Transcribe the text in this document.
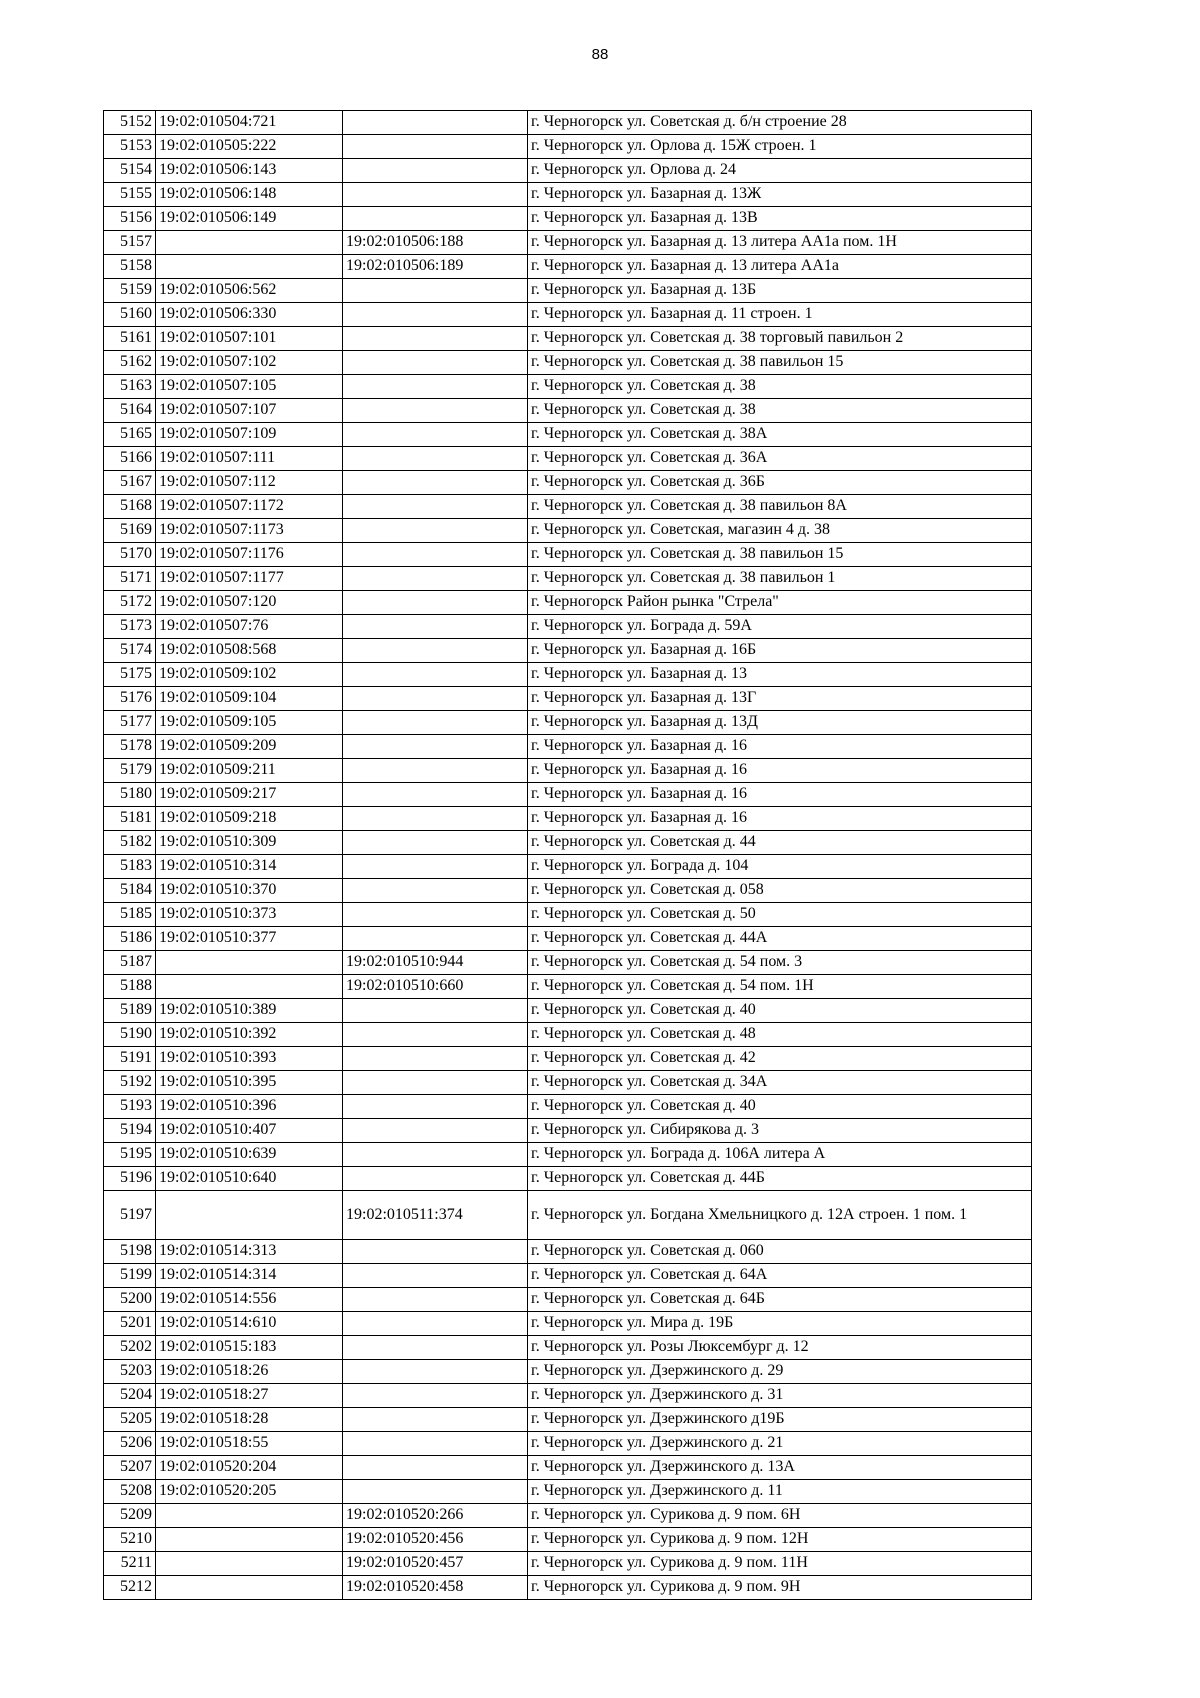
88
5152	19:02:010504:721		г. Черногорск ул. Советская д. б/н строение 28
5153	19:02:010505:222		г. Черногорск ул. Орлова д. 15Ж строен. 1
5154	19:02:010506:143		г. Черногорск ул. Орлова д. 24
5155	19:02:010506:148		г. Черногорск ул. Базарная д. 13Ж
5156	19:02:010506:149		г. Черногорск ул. Базарная д. 13В
5157		19:02:010506:188	г. Черногорск ул. Базарная д. 13 литера АА1а пом. 1Н
5158		19:02:010506:189	г. Черногорск ул. Базарная д. 13 литера АА1а
5159	19:02:010506:562		г. Черногорск ул. Базарная д. 13Б
5160	19:02:010506:330		г. Черногорск ул. Базарная д. 11 строен. 1
5161	19:02:010507:101		г. Черногорск ул. Советская д. 38 торговый павильон 2
5162	19:02:010507:102		г. Черногорск ул. Советская д. 38 павильон 15
5163	19:02:010507:105		г. Черногорск ул. Советская д. 38
5164	19:02:010507:107		г. Черногорск ул. Советская д. 38
5165	19:02:010507:109		г. Черногорск ул. Советская д. 38А
5166	19:02:010507:111		г. Черногорск ул. Советская д. 36А
5167	19:02:010507:112		г. Черногорск ул. Советская д. 36Б
5168	19:02:010507:1172		г. Черногорск ул. Советская д. 38 павильон 8А
5169	19:02:010507:1173		г. Черногорск ул. Советская, магазин 4 д. 38
5170	19:02:010507:1176		г. Черногорск ул. Советская д. 38 павильон 15
5171	19:02:010507:1177		г. Черногорск ул. Советская д. 38 павильон 1
5172	19:02:010507:120		г. Черногорск Район рынка "Стрела"
5173	19:02:010507:76		г. Черногорск ул. Бограда д. 59А
5174	19:02:010508:568		г. Черногорск ул. Базарная д. 16Б
5175	19:02:010509:102		г. Черногорск ул. Базарная д. 13
5176	19:02:010509:104		г. Черногорск ул. Базарная д. 13Г
5177	19:02:010509:105		г. Черногорск ул. Базарная д. 13Д
5178	19:02:010509:209		г. Черногорск ул. Базарная д. 16
5179	19:02:010509:211		г. Черногорск ул. Базарная д. 16
5180	19:02:010509:217		г. Черногорск ул. Базарная д. 16
5181	19:02:010509:218		г. Черногорск ул. Базарная д. 16
5182	19:02:010510:309		г. Черногорск ул. Советская д. 44
5183	19:02:010510:314		г. Черногорск ул. Бограда д. 104
5184	19:02:010510:370		г. Черногорск ул. Советская д. 058
5185	19:02:010510:373		г. Черногорск ул. Советская д. 50
5186	19:02:010510:377		г. Черногорск ул. Советская д. 44А
5187		19:02:010510:944	г. Черногорск ул. Советская д. 54 пом. 3
5188		19:02:010510:660	г. Черногорск ул. Советская д. 54 пом. 1Н
5189	19:02:010510:389		г. Черногорск ул. Советская д. 40
5190	19:02:010510:392		г. Черногорск ул. Советская д. 48
5191	19:02:010510:393		г. Черногорск ул. Советская д. 42
5192	19:02:010510:395		г. Черногорск ул. Советская д. 34А
5193	19:02:010510:396		г. Черногорск ул. Советская д. 40
5194	19:02:010510:407		г. Черногорск ул. Сибирякова д. 3
5195	19:02:010510:639		г. Черногорск ул. Бограда д. 106А литера А
5196	19:02:010510:640		г. Черногорск ул. Советская д. 44Б
5197		19:02:010511:374	г. Черногорск ул. Богдана Хмельницкого д. 12А строен. 1 пом. 1
5198	19:02:010514:313		г. Черногорск ул. Советская д. 060
5199	19:02:010514:314		г. Черногорск ул. Советская д. 64А
5200	19:02:010514:556		г. Черногорск ул. Советская д. 64Б
5201	19:02:010514:610		г. Черногорск ул. Мира д. 19Б
5202	19:02:010515:183		г. Черногорск ул. Розы Люксембург д. 12
5203	19:02:010518:26		г. Черногорск ул. Дзержинского д. 29
5204	19:02:010518:27		г. Черногорск ул. Дзержинского д. 31
5205	19:02:010518:28		г. Черногорск ул. Дзержинского д19Б
5206	19:02:010518:55		г. Черногорск ул. Дзержинского д. 21
5207	19:02:010520:204		г. Черногорск ул. Дзержинского д. 13А
5208	19:02:010520:205		г. Черногорск ул. Дзержинского д. 11
5209		19:02:010520:266	г. Черногорск ул. Сурикова д. 9 пом. 6Н
5210		19:02:010520:456	г. Черногорск ул. Сурикова д. 9 пом. 12Н
5211		19:02:010520:457	г. Черногорск ул. Сурикова д. 9 пом. 11Н
5212		19:02:010520:458	г. Черногорск ул. Сурикова д. 9 пом. 9Н
